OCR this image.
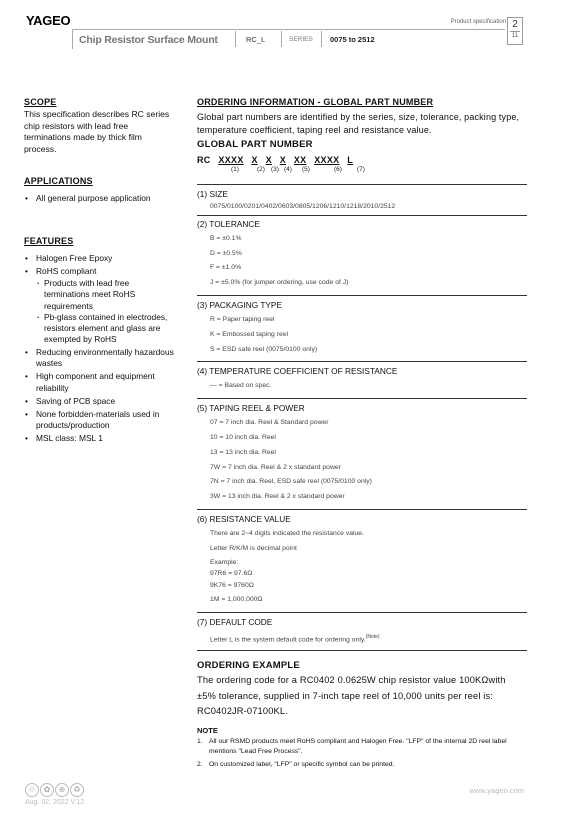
YAGEO	Product specification 2
11
Chip Resistor Surface Mount	RC_L	SERIES 0075 to 2512
SCOPE
This specification describes RC series chip resistors with lead free terminations made by thick film process.
APPLICATIONS
• All general purpose application
FEATURES
• Halogen Free Epoxy
• RoHS compliant
· Products with lead free terminations meet RoHS requirements
· Pb-glass contained in electrodes, resistors element and glass are exempted by RoHS
• Reducing environmentally hazardous wastes
• High component and equipment reliability
• Saving of PCB space
• None forbidden-materials used in products/production
• MSL class: MSL 1
ORDERING INFORMATION - GLOBAL PART NUMBER
Global part numbers are identified by the series, size, tolerance, packing type, temperature coefficient, taping reel and resistance value.
GLOBAL PART NUMBER
RC XXXX X X X XX XXXX L
(1)	(2) (3) (4) (5)	(6) (7)
(1) SIZE
0075/0100/0201/0402/0603/0805/1206/1210/1218/2010/2512
(2) TOLERANCE
B = ±0.1%
D = ±0.5%
F = ±1.0%
J = ±5.0% (for jumper ordering, use code of J)
(3) PACKAGING TYPE
R = Paper taping reel
K = Embossed taping reel
S = ESD safe reel (0075/0100 only)
(4) TEMPERATURE COEFFICIENT OF RESISTANCE
— = Based on spec.
(5) TAPING REEL & POWER
07 = 7 inch dia. Reel & Standard power
10 = 10 inch dia. Reel
13 = 13 inch dia. Reel
7W = 7 inch dia. Reel & 2 x standard power
7N = 7 inch dia. Reel, ESD safe reel (0075/0100 only)
3W = 13 inch dia. Reel & 2 x standard power
(6) RESISTANCE VALUE
There are 2~4 digits indicated the resistance value.
Letter R/K/M is decimal point
Example:
97R6 = 97.6Ω
9K76 = 9760Ω
1M = 1,000,000Ω
(7) DEFAULT CODE
Letter L is the system default code for ordering only.$^{(Note)}$
ORDERING EXAMPLE
The ordering code for a RC0402 0.0625W chip resistor value 100KΩwith ±5% tolerance, supplied in 7-inch tape reel of 10,000 units per reel is: RC0402JR-07100KL.
NOTE
1. All our RSMD products meet RoHS compliant and Halogen Free. "LFP" of the internal 2D reel label mentions "Lead Free Process".
2. On customized label, "LFP" or specific symbol can be printed.
♲ ✿ ⊕ ♻
Aug. 02, 2022 V.12
www.yageo.com
